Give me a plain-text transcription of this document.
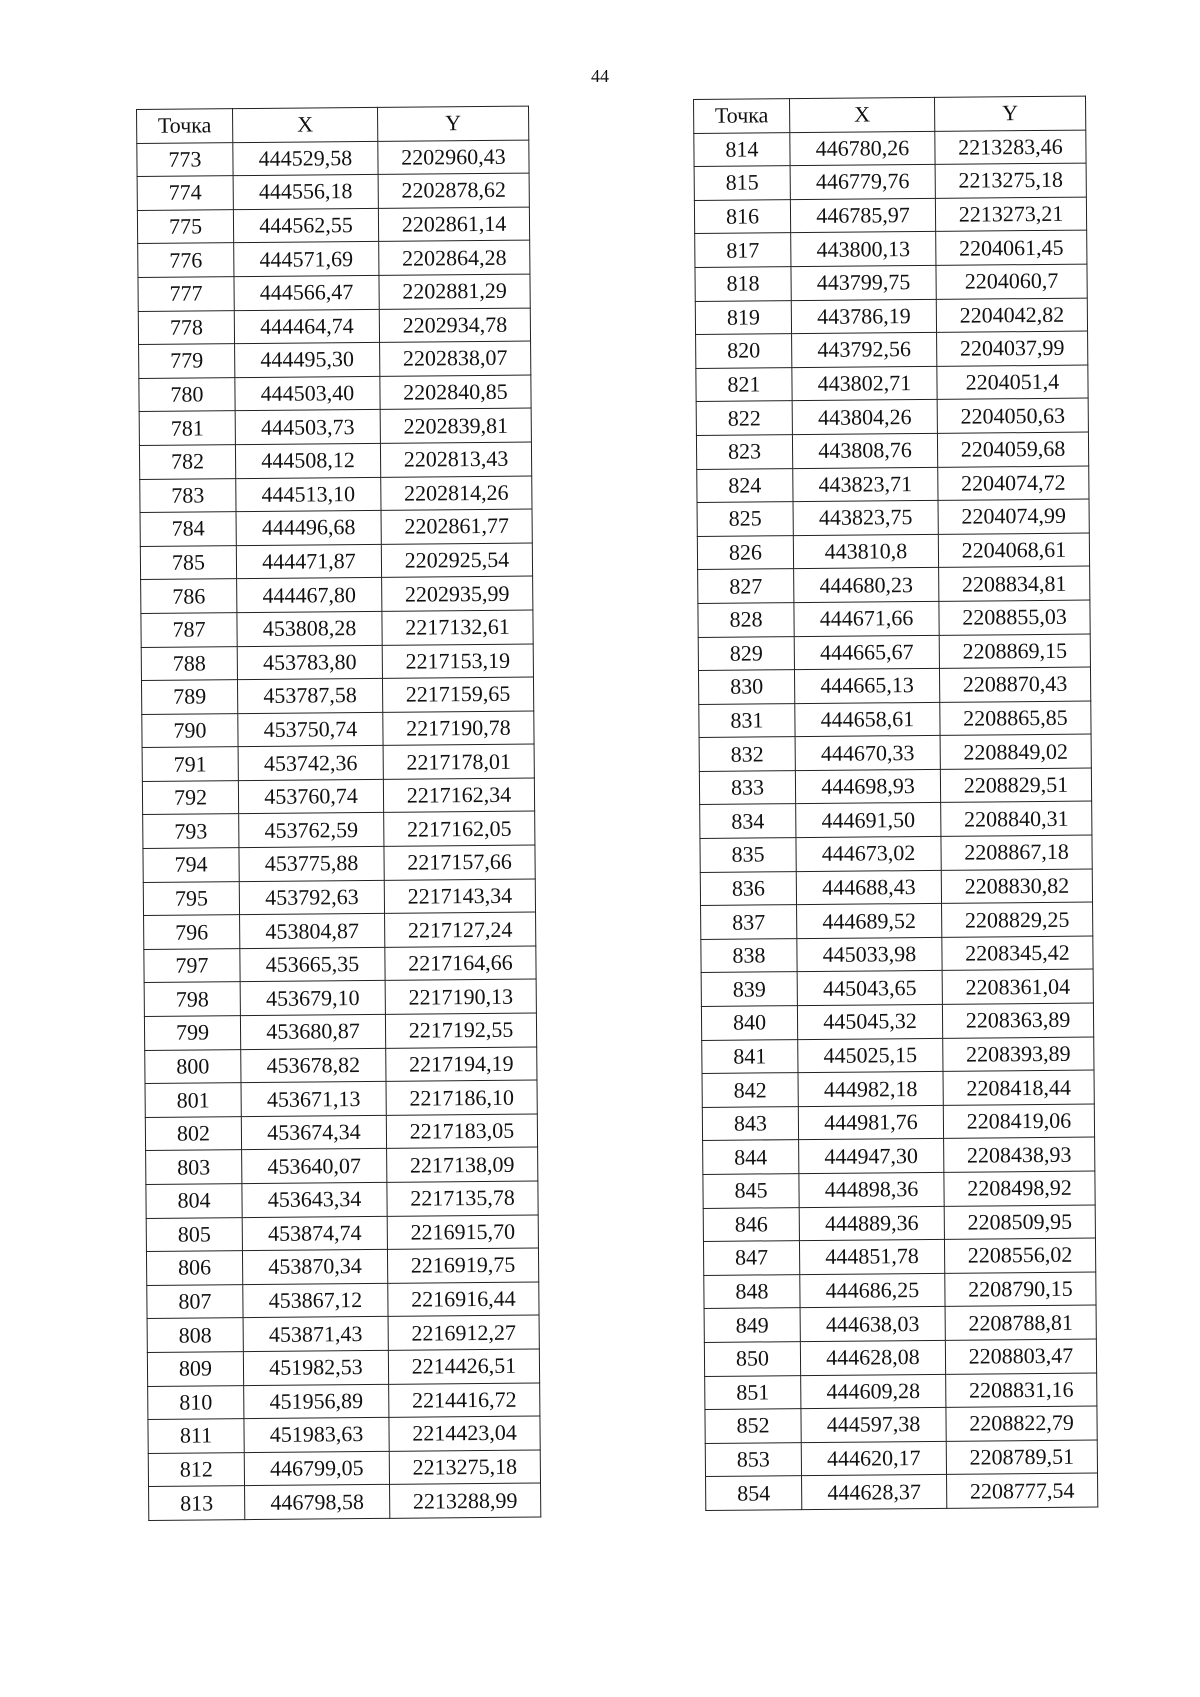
44
Точка	X	Y
773	444529,58	2202960,43
774	444556,18	2202878,62
775	444562,55	2202861,14
776	444571,69	2202864,28
777	444566,47	2202881,29
778	444464,74	2202934,78
779	444495,30	2202838,07
780	444503,40	2202840,85
781	444503,73	2202839,81
782	444508,12	2202813,43
783	444513,10	2202814,26
784	444496,68	2202861,77
785	444471,87	2202925,54
786	444467,80	2202935,99
787	453808,28	2217132,61
788	453783,80	2217153,19
789	453787,58	2217159,65
790	453750,74	2217190,78
791	453742,36	2217178,01
792	453760,74	2217162,34
793	453762,59	2217162,05
794	453775,88	2217157,66
795	453792,63	2217143,34
796	453804,87	2217127,24
797	453665,35	2217164,66
798	453679,10	2217190,13
799	453680,87	2217192,55
800	453678,82	2217194,19
801	453671,13	2217186,10
802	453674,34	2217183,05
803	453640,07	2217138,09
804	453643,34	2217135,78
805	453874,74	2216915,70
806	453870,34	2216919,75
807	453867,12	2216916,44
808	453871,43	2216912,27
809	451982,53	2214426,51
810	451956,89	2214416,72
811	451983,63	2214423,04
812	446799,05	2213275,18
813	446798,58	2213288,99
Точка	X	Y
814	446780,26	2213283,46
815	446779,76	2213275,18
816	446785,97	2213273,21
817	443800,13	2204061,45
818	443799,75	2204060,7
819	443786,19	2204042,82
820	443792,56	2204037,99
821	443802,71	2204051,4
822	443804,26	2204050,63
823	443808,76	2204059,68
824	443823,71	2204074,72
825	443823,75	2204074,99
826	443810,8	2204068,61
827	444680,23	2208834,81
828	444671,66	2208855,03
829	444665,67	2208869,15
830	444665,13	2208870,43
831	444658,61	2208865,85
832	444670,33	2208849,02
833	444698,93	2208829,51
834	444691,50	2208840,31
835	444673,02	2208867,18
836	444688,43	2208830,82
837	444689,52	2208829,25
838	445033,98	2208345,42
839	445043,65	2208361,04
840	445045,32	2208363,89
841	445025,15	2208393,89
842	444982,18	2208418,44
843	444981,76	2208419,06
844	444947,30	2208438,93
845	444898,36	2208498,92
846	444889,36	2208509,95
847	444851,78	2208556,02
848	444686,25	2208790,15
849	444638,03	2208788,81
850	444628,08	2208803,47
851	444609,28	2208831,16
852	444597,38	2208822,79
853	444620,17	2208789,51
854	444628,37	2208777,54
